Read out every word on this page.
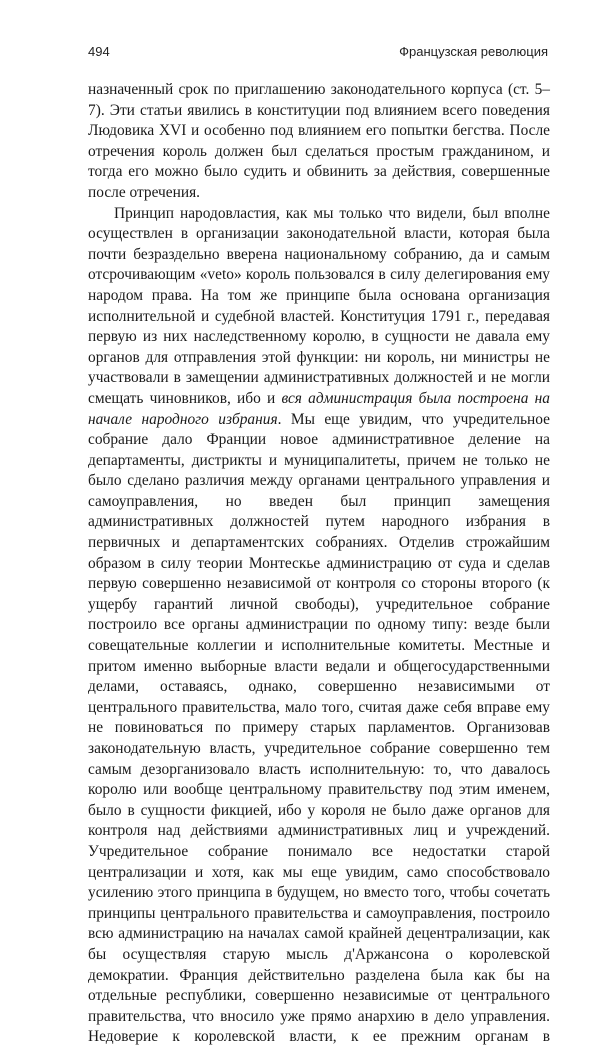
494	Французская революция

назначенный срок по приглашению законодательного корпуса (ст. 5–7). Эти статьи явились в конституции под влиянием всего поведения Людовика XVI и особенно под влиянием его попытки бегства. После отречения король должен был сделаться простым гражданином, и тогда его можно было судить и обвинить за действия, совершенные после отречения.

Принцип народовластия, как мы только что видели, был вполне осуществлен в организации законодательной власти, которая была почти безраздельно вверена национальному собранию, да и самым отсрочивающим «veto» король пользовался в силу делегирования ему народом права. На том же принципе была основана организация исполнительной и судебной властей. Конституция 1791 г., передавая первую из них наследственному королю, в сущности не давала ему органов для отправления этой функции: ни король, ни министры не участвовали в замещении административных должностей и не могли смещать чиновников, ибо и вся администрация была построена на начале народного избрания. Мы еще увидим, что учредительное собрание дало Франции новое административное деление на департаменты, дистрикты и муниципалитеты, причем не только не было сделано различия между органами центрального управления и самоуправления, но введен был принцип замещения административных должностей путем народного избрания в первичных и департаментских собраниях. Отделив строжайшим образом в силу теории Монтескье администрацию от суда и сделав первую совершенно независимой от контроля со стороны второго (к ущербу гарантий личной свободы), учредительное собрание построило все органы администрации по одному типу: везде были совещательные коллегии и исполнительные комитеты. Местные и притом именно выборные власти ведали и общегосударственными делами, оставаясь, однако, совершенно независимыми от центрального правительства, мало того, считая даже себя вправе ему не повиноваться по примеру старых парламентов. Организовав законодательную власть, учредительное собрание совершенно тем самым дезорганизовало власть исполнительную: то, что давалось королю или вообще центральному правительству под этим именем, было в сущности фикцией, ибо у короля не было даже органов для контроля над действиями административных лиц и учреждений. Учредительное собрание понимало все недостатки старой централизации и хотя, как мы еще увидим, само способствовало усилению этого принципа в будущем, но вместо того, чтобы сочетать принципы центрального правительства и самоуправления, построило всю администрацию на началах самой крайней децентрализации, как бы осуществляя старую мысль д'Аржансона о королевской демократии. Франция действительно разделена была как бы на отдельные республики, совершенно независимые от центрального правительства, что вносило уже прямо анархию в дело управления. Недоверие к королевской власти, к ее прежним органам в
